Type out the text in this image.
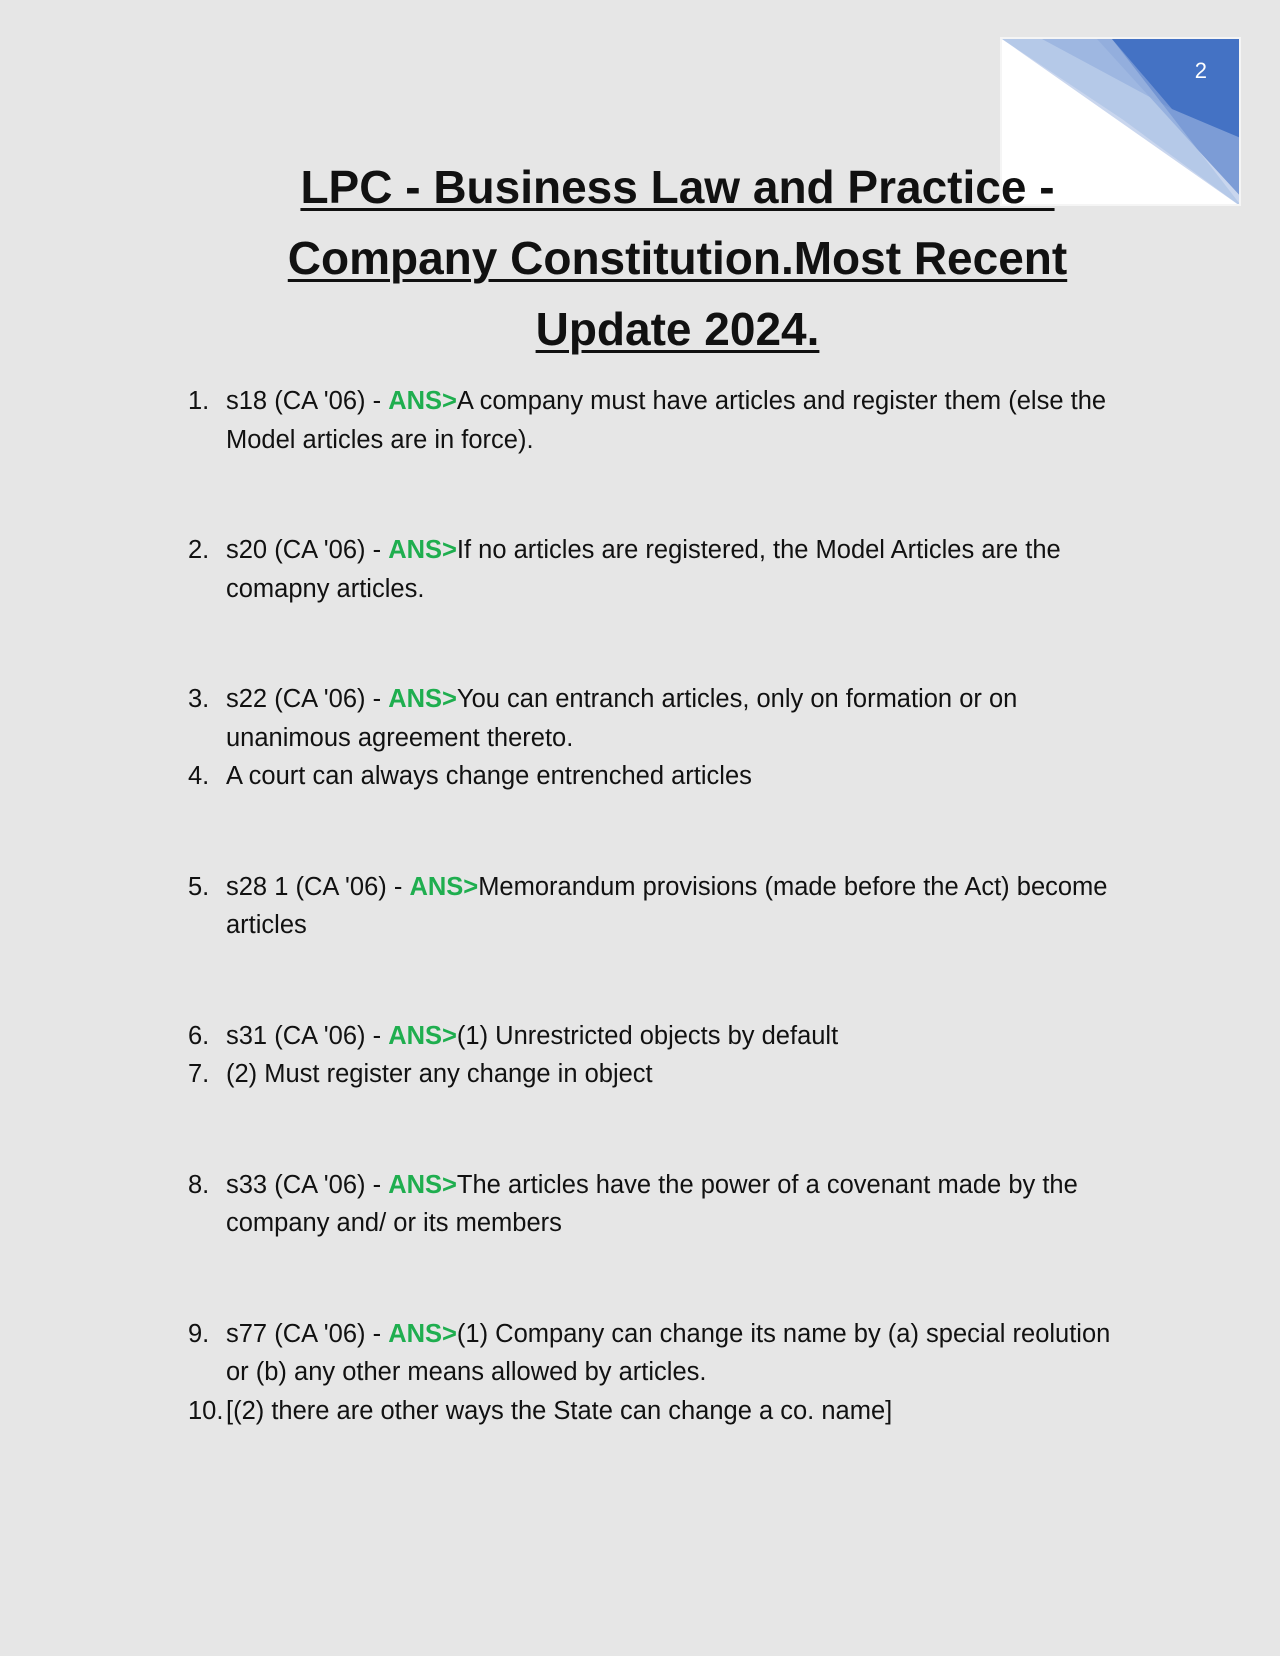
2
LPC - Business Law and Practice - Company Constitution.Most Recent Update 2024.
1. s18 (CA '06) - ANS>A company must have articles and register them (else the Model articles are in force).
2. s20 (CA '06) - ANS>If no articles are registered, the Model Articles are the comapny articles.
3. s22 (CA '06) - ANS>You can entranch articles, only on formation or on unanimous agreement thereto.
4. A court can always change entrenched articles
5. s28 1 (CA '06) - ANS>Memorandum provisions (made before the Act) become articles
6. s31 (CA '06) - ANS>(1) Unrestricted objects by default
7. (2) Must register any change in object
8. s33 (CA '06) - ANS>The articles have the power of a covenant made by the company and/ or its members
9. s77 (CA '06) - ANS>(1) Company can change its name by (a) special reolution or (b) any other means allowed by articles.
10. [(2) there are other ways the State can change a co. name]
